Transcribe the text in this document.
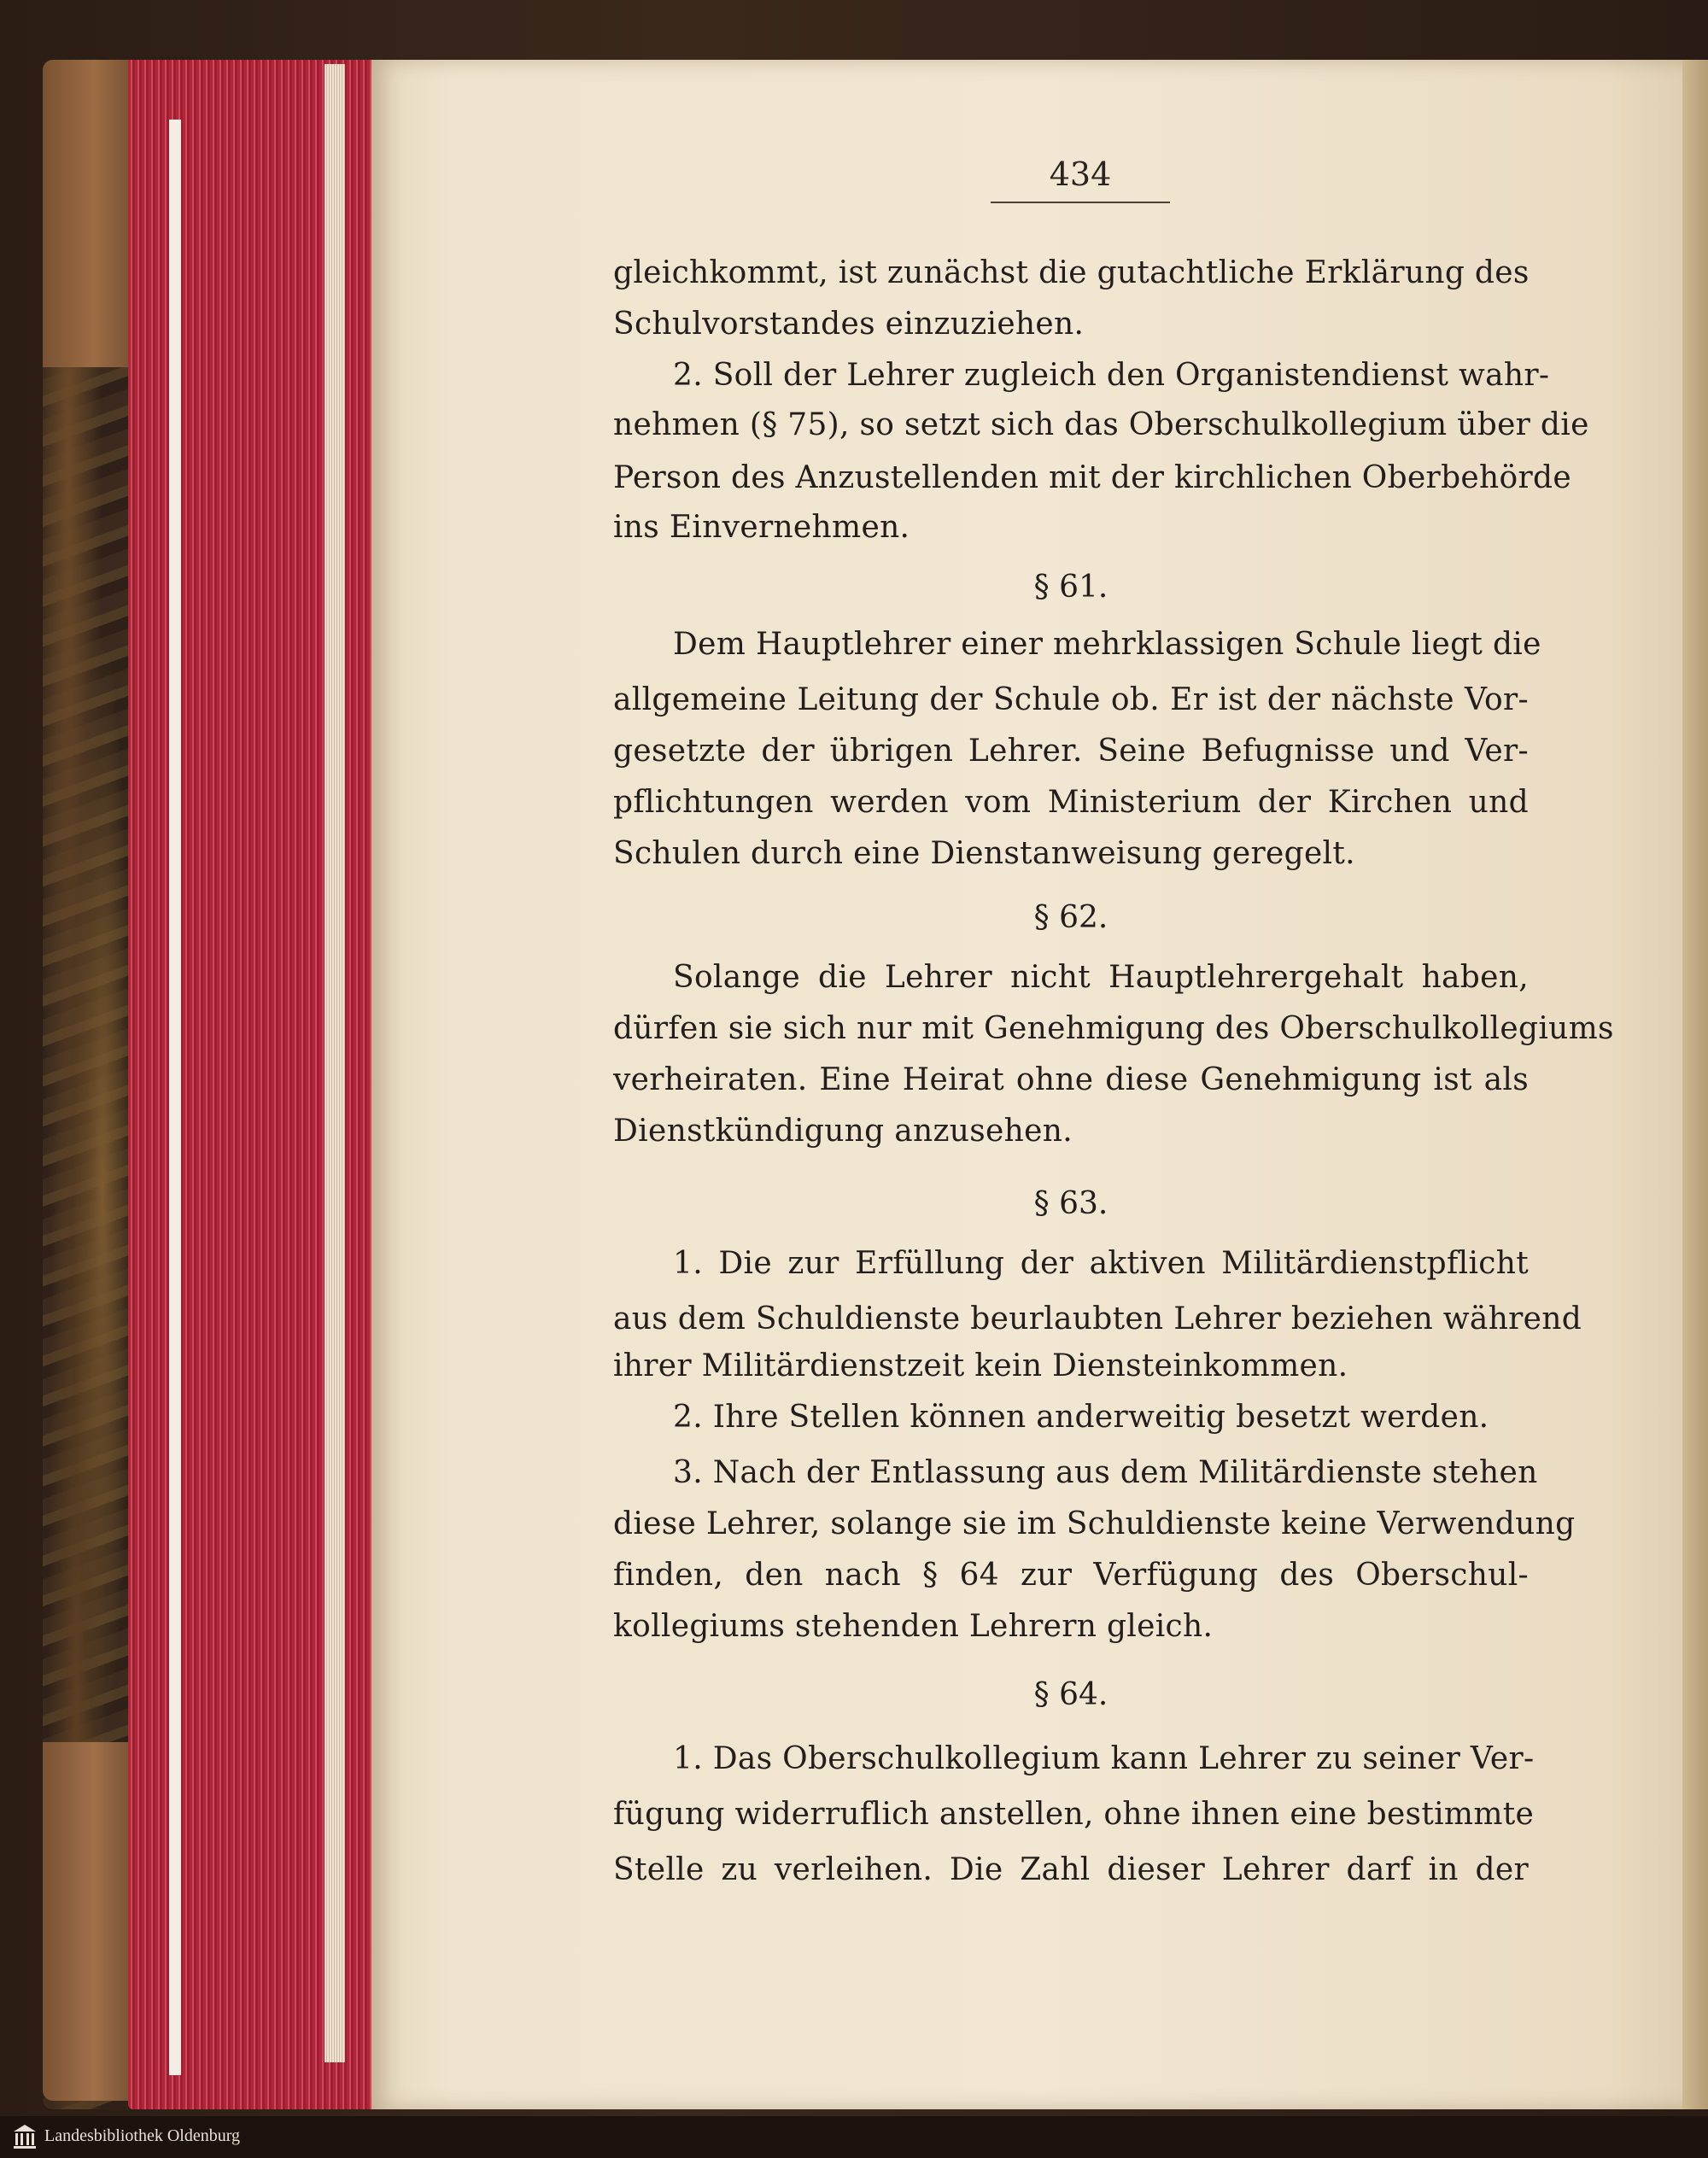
434
gleichkommt, ist zunächst die gutachtliche Erklärung des
Schulvorstandes einzuziehen.
2. Soll der Lehrer zugleich den Organistendienst wahr-
nehmen (§ 75), so setzt sich das Oberschulkollegium über die
Person des Anzustellenden mit der kirchlichen Oberbehörde
ins Einvernehmen.
§ 61.
Dem Hauptlehrer einer mehrklassigen Schule liegt die
allgemeine Leitung der Schule ob. Er ist der nächste Vor-
gesetzte der übrigen Lehrer. Seine Befugnisse und Ver-
pflichtungen werden vom Ministerium der Kirchen und
Schulen durch eine Dienstanweisung geregelt.
§ 62.
Solange die Lehrer nicht Hauptlehrergehalt haben,
dürfen sie sich nur mit Genehmigung des Oberschulkollegiums
verheiraten. Eine Heirat ohne diese Genehmigung ist als
Dienstkündigung anzusehen.
§ 63.
1. Die zur Erfüllung der aktiven Militärdienstpflicht
aus dem Schuldienste beurlaubten Lehrer beziehen während
ihrer Militärdienstzeit kein Diensteinkommen.
2. Ihre Stellen können anderweitig besetzt werden.
3. Nach der Entlassung aus dem Militärdienste stehen
diese Lehrer, solange sie im Schuldienste keine Verwendung
finden, den nach § 64 zur Verfügung des Oberschul-
kollegiums stehenden Lehrern gleich.
§ 64.
1. Das Oberschulkollegium kann Lehrer zu seiner Ver-
fügung widerruflich anstellen, ohne ihnen eine bestimmte
Stelle zu verleihen. Die Zahl dieser Lehrer darf in der
Landesbibliothek Oldenburg
